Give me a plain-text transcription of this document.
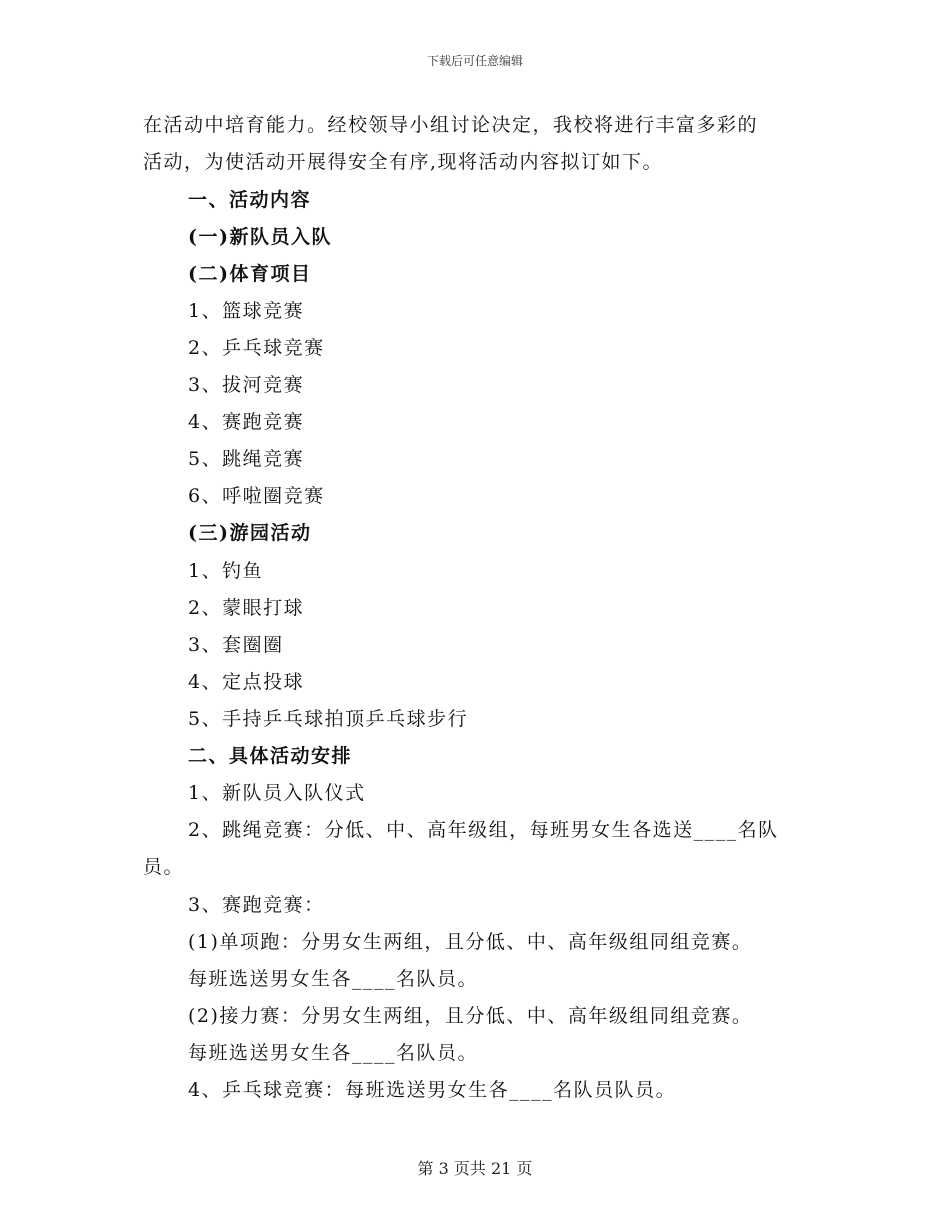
下载后可任意编辑
在活动中培育能力。经校领导小组讨论决定，我校将进行丰富多彩的
活动，为使活动开展得安全有序,现将活动内容拟订如下。
一、活动内容
(一)新队员入队
(二)体育项目
1、篮球竞赛
2、乒乓球竞赛
3、拔河竞赛
4、赛跑竞赛
5、跳绳竞赛
6、呼啦圈竞赛
(三)游园活动
1、钓鱼
2、蒙眼打球
3、套圈圈
4、定点投球
5、手持乒乓球拍顶乒乓球步行
二、具体活动安排
1、新队员入队仪式
2、跳绳竞赛：分低、中、高年级组，每班男女生各选送____名队
员。
3、赛跑竞赛：
(1)单项跑：分男女生两组，且分低、中、高年级组同组竞赛。
每班选送男女生各____名队员。
(2)接力赛：分男女生两组，且分低、中、高年级组同组竞赛。
每班选送男女生各____名队员。
4、乒乓球竞赛：每班选送男女生各____名队员队员。
第 3 页共 21 页
